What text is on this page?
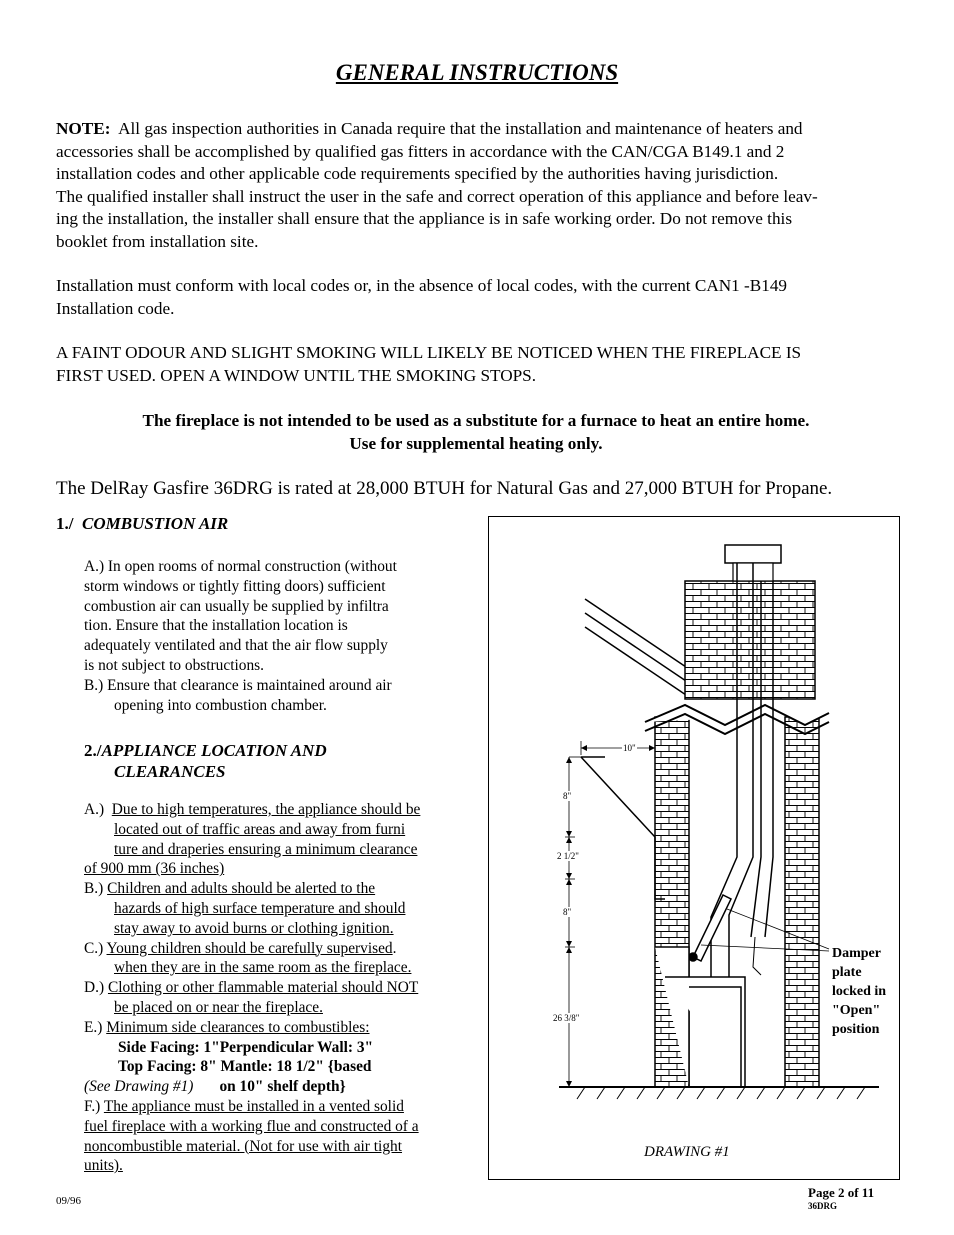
GENERAL INSTRUCTIONS
NOTE: All gas inspection authorities in Canada require that the installation and maintenance of heaters and
accessories shall be accomplished by qualified gas fitters in accordance with the CAN/CGA B149.1 and 2
installation codes and other applicable code requirements specified by the authorities having jurisdiction.
The qualified installer shall instruct the user in the safe and correct operation of this appliance and before leav-
ing the installation, the installer shall ensure that the appliance is in safe working order. Do not remove this
booklet from installation site.
Installation must conform with local codes or, in the absence of local codes, with the current CAN1 -B149
Installation code.
A FAINT ODOUR AND SLIGHT SMOKING WILL LIKELY BE NOTICED WHEN THE FIREPLACE IS
FIRST USED. OPEN A WINDOW UNTIL THE SMOKING STOPS.
The fireplace is not intended to be used as a substitute for a furnace to heat an entire home.
Use for supplemental heating only.
The DelRay Gasfire 36DRG is rated at 28,000 BTUH for Natural Gas and 27,000 BTUH for Propane.
1./ COMBUSTION AIR
A.) In open rooms of normal construction (without
storm windows or tightly fitting doors) sufficient
combustion air can usually be supplied by infiltra
tion. Ensure that the installation location is
adequately ventilated and that the air flow supply
is not subject to obstructions.
B.) Ensure that clearance is maintained around air
opening into combustion chamber.
2./APPLIANCE LOCATION AND
CLEARANCES
A.) Due to high temperatures, the appliance should be
located out of traffic areas and away from furni ture and draperies ensuring a minimum clearance
of 900 mm (36 inches)
B.) Children and adults should be alerted to the
hazards of high surface temperature and should stay away to avoid burns or clothing ignition.
C.) Young children should be carefully supervised.
when they are in the same room as the fireplace.
D.) Clothing or other flammable material should NOT
be placed on or near the fireplace.
E.) Minimum side clearances to combustibles:
Side Facing: 1"Perpendicular Wall: 3"
Top Facing: 8" Mantle: 18 1/2" {based
(See Drawing #1) on 10" shelf depth}
F.) The appliance must be installed in a vented solid
fuel fireplace with a working flue and constructed of a
noncombustible material. (Not for use with air tight
units).
10"
8"
2 1/2"
8"
26 3/8"
Damper
plate
locked in
"Open"
position
DRAWING #1
09/96
Page 2 of 11
36DRG
